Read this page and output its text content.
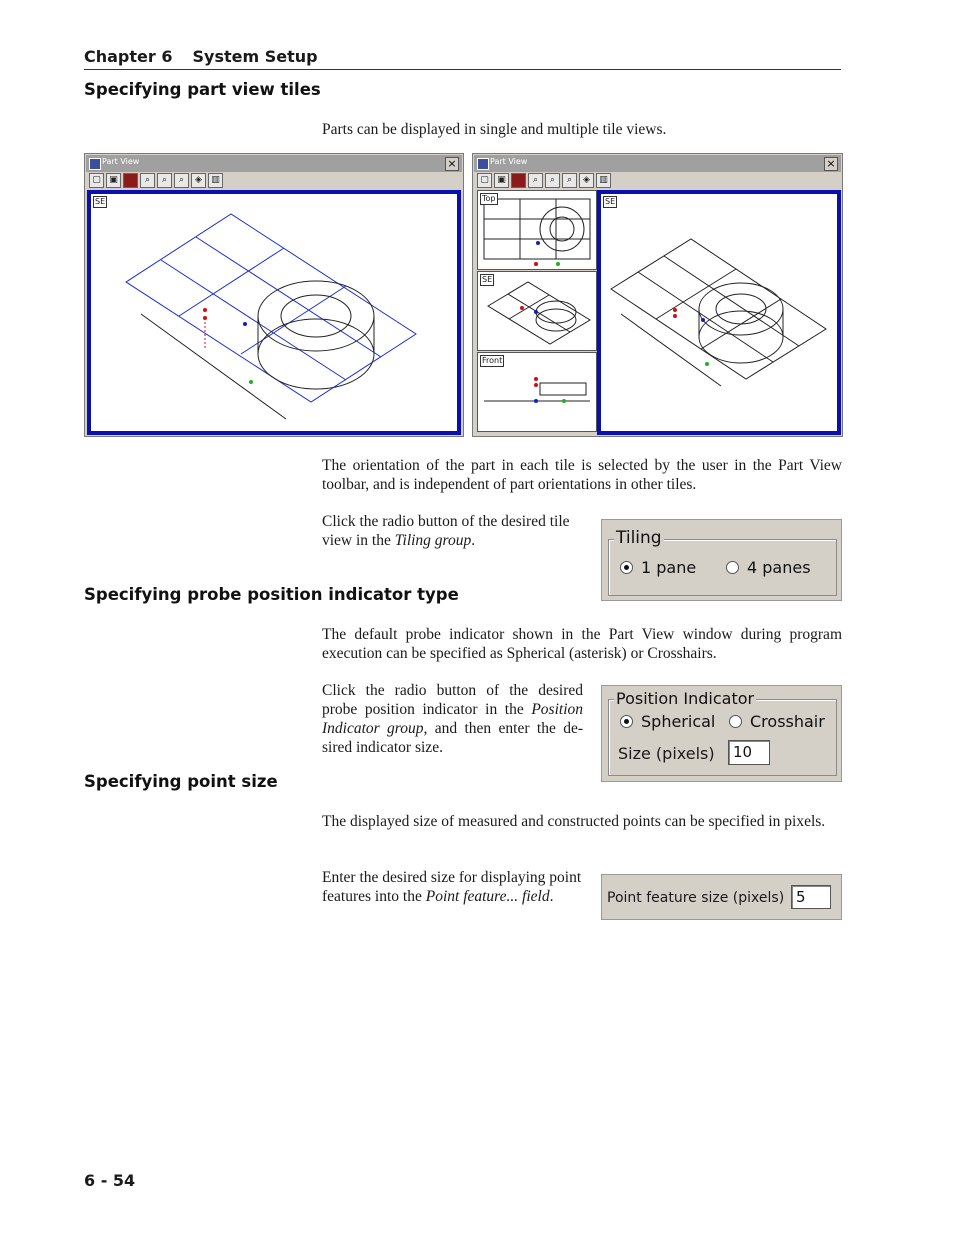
Chapter 6 System Setup
Specifying part view tiles
Parts can be displayed in single and multiple tile views.
Part View	×
▢ ▣	⌕	⌕	⌕	◈	▥
SE
Part View	×
▢ ▣	⌕	⌕	⌕	◈	▥
Top
SE
Front
SE
The orientation of the part in each tile is selected by the user in the Part View toolbar, and is independent of part orientations in other tiles.
Click the radio button of the desired tile view in the Tiling group.	Tiling
1 pane	4 panes
Specifying probe position indicator type
The default probe indicator shown in the Part View window during program execution can be specified as Spherical (asterisk) or Crosshairs.
Click the radio button of the desired probe position indicator in the Position Indicator group, and then enter the desired indicator size.
Position Indicator
Spherical Crosshair
Size (pixels)	10
Specifying point size
The displayed size of measured and constructed points can be specified in pixels.
Enter the desired size for displaying point features into the Point feature... field.	Point feature size (pixels) 5
6 - 54
